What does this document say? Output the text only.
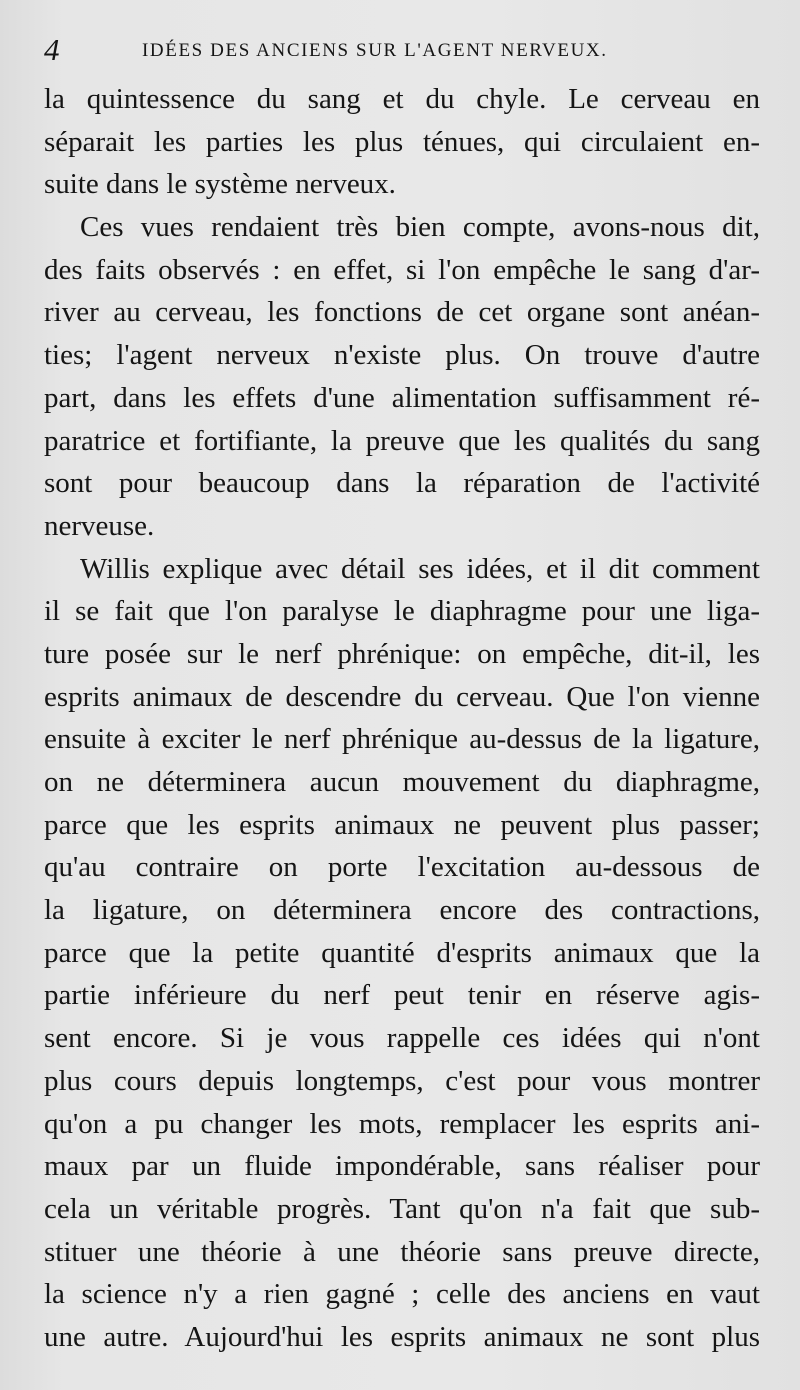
4	IDÉES DES ANCIENS SUR L'AGENT NERVEUX.
la quintessence du sang et du chyle. Le cerveau en
séparait les parties les plus ténues, qui circulaient en-
suite dans le système nerveux.
Ces vues rendaient très bien compte, avons-nous dit,
des faits observés : en effet, si l'on empêche le sang d'ar-
river au cerveau, les fonctions de cet organe sont anéan-
ties; l'agent nerveux n'existe plus. On trouve d'autre
part, dans les effets d'une alimentation suffisamment ré-
paratrice et fortifiante, la preuve que les qualités du sang
sont pour beaucoup dans la réparation de l'activité
nerveuse.
Willis explique avec détail ses idées, et il dit comment
il se fait que l'on paralyse le diaphragme pour une liga-
ture posée sur le nerf phrénique: on empêche, dit-il, les
esprits animaux de descendre du cerveau. Que l'on vienne
ensuite à exciter le nerf phrénique au-dessus de la ligature,
on ne déterminera aucun mouvement du diaphragme,
parce que les esprits animaux ne peuvent plus passer;
qu'au contraire on porte l'excitation au-dessous de
la ligature, on déterminera encore des contractions,
parce que la petite quantité d'esprits animaux que la
partie inférieure du nerf peut tenir en réserve agis-
sent encore. Si je vous rappelle ces idées qui n'ont
plus cours depuis longtemps, c'est pour vous montrer
qu'on a pu changer les mots, remplacer les esprits ani-
maux par un fluide impondérable, sans réaliser pour
cela un véritable progrès. Tant qu'on n'a fait que sub-
stituer une théorie à une théorie sans preuve directe,
la science n'y a rien gagné ; celle des anciens en vaut
une autre. Aujourd'hui les esprits animaux ne sont plus
